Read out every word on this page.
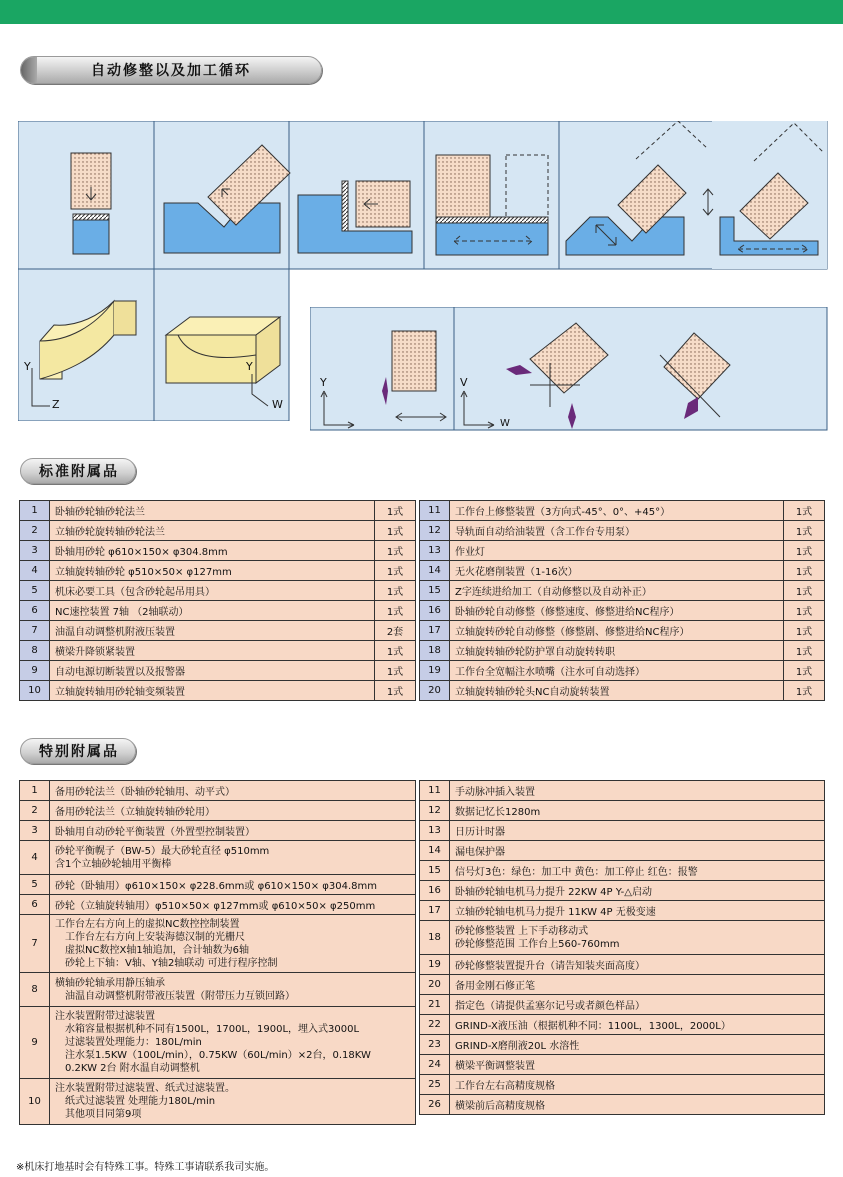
自动修整以及加工循环
Y
Z
Y
W
Y	V
W
标准附属品
1	卧轴砂轮轴砂轮法兰	1式
2	立轴砂轮旋转轴砂轮法兰	1式
3	卧轴用砂轮 φ610×150× φ304.8mm	1式
4	立轴旋转轴砂轮 φ510×50× φ127mm	1式
5	机床必要工具（包含砂轮起吊用具）	1式
6	NC速控装置 7轴 （2轴联动）	1式
7	油温自动调整机附液压装置	2套
8	横梁升降锁紧装置	1式
9	自动电源切断装置以及报警器	1式
10	立轴旋转轴用砂轮轴变频装置	1式
11	工作台上修整装置（3方向式-45°、0°、+45°）	1式
12	导轨面自动给油装置（含工作台专用泵）	1式
13	作业灯	1式
14	无火花磨削装置（1-16次）	1式
15	Z字连续进给加工（自动修整以及自动补正）	1式
16	卧轴砂轮自动修整（修整速度、修整进给NC程序）	1式
17	立轴旋转砂轮自动修整（修整剧、修整进给NC程序）	1式
18	立轴旋转轴砂轮防护罩自动旋转转职	1式
19	工作台全宽幅注水喷嘴（注水可自动选择）	1式
20	立轴旋转轴砂轮头NC自动旋转装置	1式
特别附属品
1	备用砂轮法兰（卧轴砂轮轴用、动平式）
2	备用砂轮法兰（立轴旋转轴砂轮用）
3	卧轴用自动砂轮平衡装置（外置型控制装置）
4	砂轮平衡幌子（BW-5）最大砂轮直径 φ510mm
含1个立轴砂轮轴用平衡棒
5	砂轮（卧轴用）φ610×150× φ228.6mm或 φ610×150× φ304.8mm
6	砂轮（立轴旋转轴用）φ510×50× φ127mm或 φ610×50× φ250mm
7	工作台左右方向上的虚拟NC数控控制装置
　工作台左右方向上安装海德汉制的光栅尺
　虚拟NC数控X轴1轴追加，合计轴数为6轴
　砂轮上下轴：V轴、Y轴2轴联动 可进行程序控制
8	横轴砂轮轴承用静压轴承
　油温自动调整机附带液压装置（附带压力互锁回路）
9	注水装置附带过滤装置
　水箱容量根据机种不同有1500L，1700L，1900L，埋入式3000L
　过滤装置处理能力：180L/min
　注水泵1.5KW（100L/min），0.75KW（60L/min）×2台，0.18KW
　0.2KW 2台 附水温自动调整机
10	注水装置附带过滤装置、纸式过滤装置。
　纸式过滤装置 处理能力180L/min
　其他项目同第9项
11	手动脉冲插入装置
12	数据记忆长1280m
13	日历计时器
14	漏电保护器
15	信号灯3色：绿色：加工中 黄色：加工停止 红色：报警
16	卧轴砂轮轴电机马力提升 22KW 4P Y-△启动
17	立轴砂轮轴电机马力提升 11KW 4P 无极变速
18	砂轮修整装置 上下手动移动式
砂轮修整范围 工作台上560-760mm
19	砂轮修整装置提升台（请告知装夹面高度）
20	备用金刚石修正笔
21	指定色（请提供孟塞尔记号或者颜色样品）
22	GRIND-X液压油（根据机种不同：1100L，1300L，2000L）
23	GRIND-X磨削液20L 水溶性
24	横梁平衡调整装置
25	工作台左右高精度规格
26	横梁前后高精度规格
※机床打地基时会有特殊工事。特殊工事请联系我司实施。
